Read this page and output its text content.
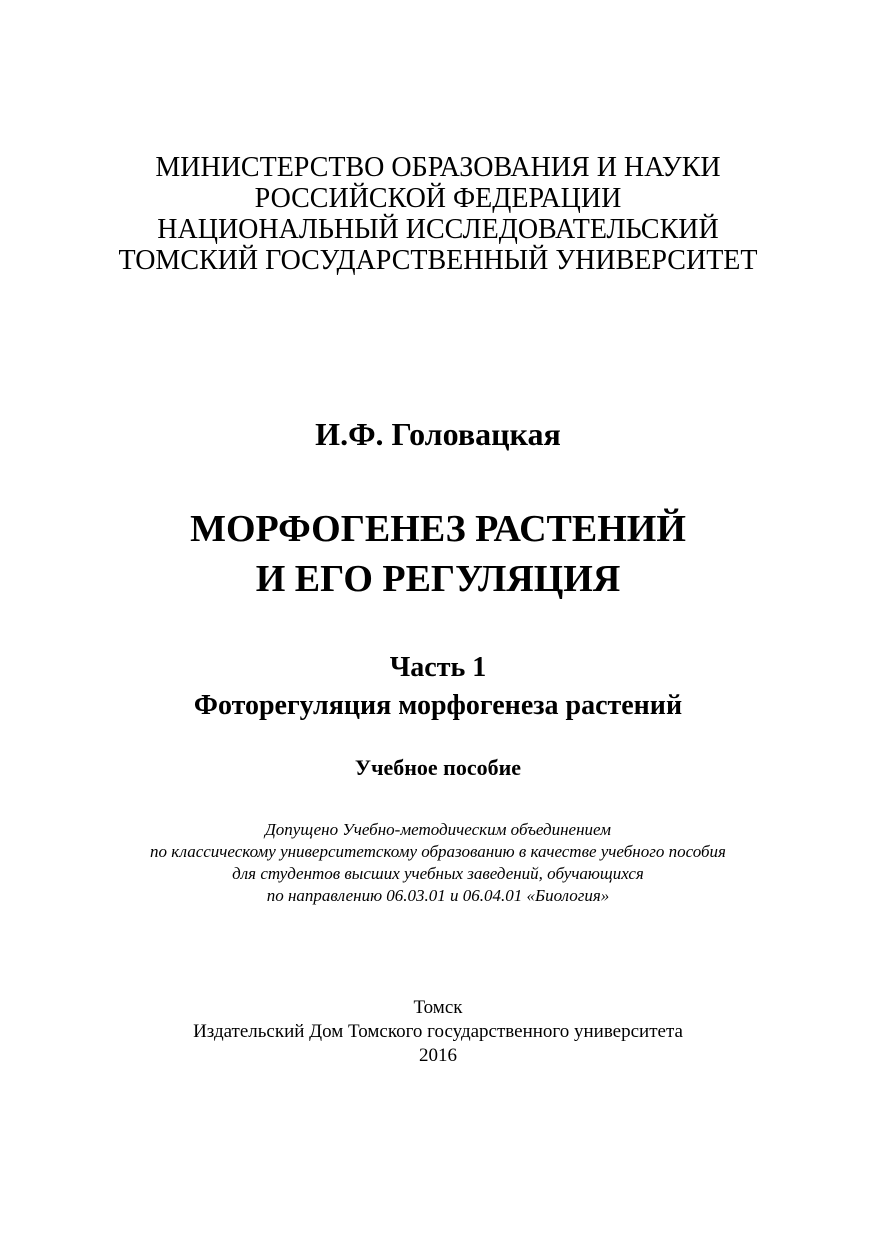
МИНИСТЕРСТВО ОБРАЗОВАНИЯ И НАУКИ

РОССИЙСКОЙ ФЕДЕРАЦИИ

НАЦИОНАЛЬНЫЙ ИССЛЕДОВАТЕЛЬСКИЙ

ТОМСКИЙ ГОСУДАРСТВЕННЫЙ УНИВЕРСИТЕТ

И.Ф. Головацкая

МОРФОГЕНЕЗ РАСТЕНИЙ

И ЕГО РЕГУЛЯЦИЯ

Часть 1

Фоторегуляция морфогенеза растений

Учебное пособие

Допущено Учебно-методическим объединением

по классическому университетскому образованию в качестве учебного пособия

для студентов высших учебных заведений, обучающихся

по направлению 06.03.01 и 06.04.01 «Биология»

Томск

Издательский Дом Томского государственного университета

2016
